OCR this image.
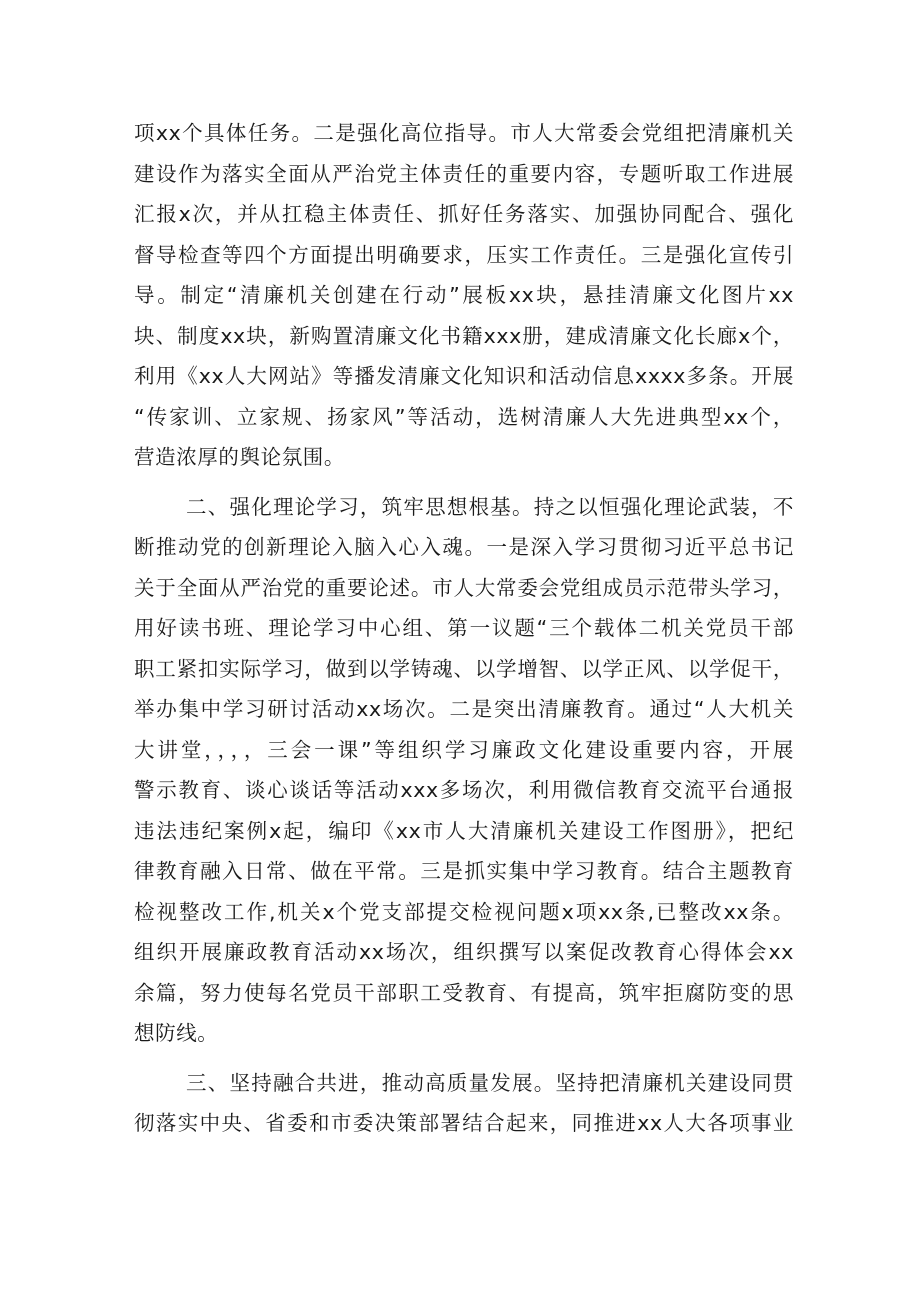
项xx个具体任务。二是强化高位指导。市人大常委会党组把清廉机关
建设作为落实全面从严治党主体责任的重要内容，专题听取工作进展
汇报x次，并从扛稳主体责任、抓好任务落实、加强协同配合、强化
督导检查等四个方面提出明确要求，压实工作责任。三是强化宣传引
导。制定“清廉机关创建在行动”展板xx块，悬挂清廉文化图片xx
块、制度xx块，新购置清廉文化书籍xxx册，建成清廉文化长廊x个，
利用《xx人大网站》等播发清廉文化知识和活动信息xxxx多条。开展
“传家训、立家规、扬家风”等活动，选树清廉人大先进典型xx个，
营造浓厚的舆论氛围。
二、强化理论学习，筑牢思想根基。持之以恒强化理论武装，不
断推动党的创新理论入脑入心入魂。一是深入学习贯彻习近平总书记
关于全面从严治党的重要论述。市人大常委会党组成员示范带头学习，
用好读书班、理论学习中心组、第一议题“三个载体二机关党员干部
职工紧扣实际学习，做到以学铸魂、以学增智、以学正风、以学促干，
举办集中学习研讨活动xx场次。二是突出清廉教育。通过“人大机关
大讲堂，，，，三会一课”等组织学习廉政文化建设重要内容，开展
警示教育、谈心谈话等活动xxx多场次，利用微信教育交流平台通报
违法违纪案例x起，编印《xx市人大清廉机关建设工作图册》，把纪
律教育融入日常、做在平常。三是抓实集中学习教育。结合主题教育
检视整改工作,机关x个党支部提交检视问题x项xx条,已整改xx条。
组织开展廉政教育活动xx场次，组织撰写以案促改教育心得体会xx
余篇，努力使每名党员干部职工受教育、有提高，筑牢拒腐防变的思
想防线。
三、坚持融合共进，推动高质量发展。坚持把清廉机关建设同贯
彻落实中央、省委和市委决策部署结合起来，同推进xx人大各项事业
